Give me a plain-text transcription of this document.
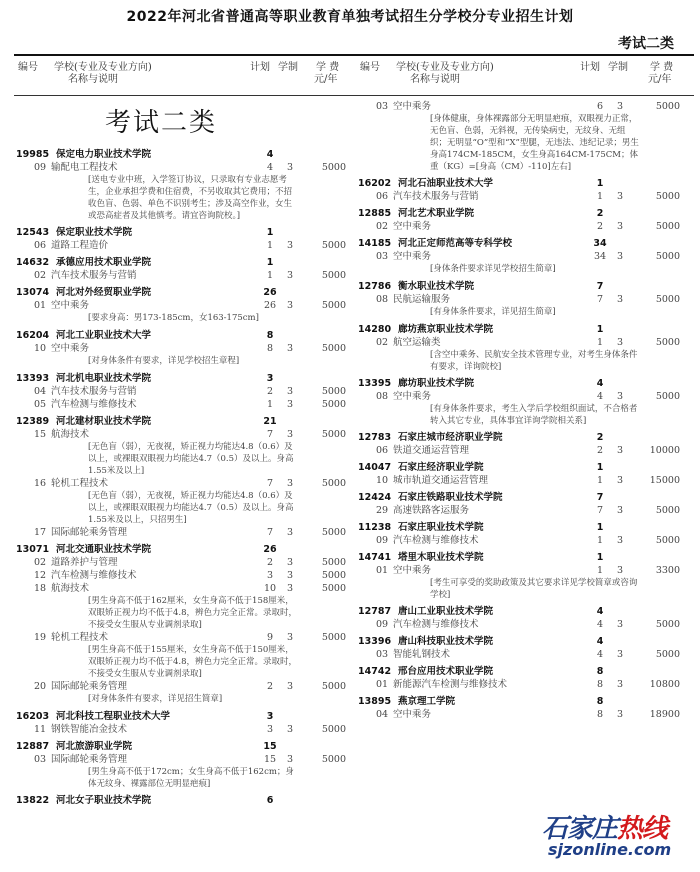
2022年河北省普通高等职业教育单独考试招生分学校分专业招生计划
考试二类
编号 学校(专业及专业方向)
名称与说明
计划 学制 学 费
元/年
考试二类
19985 保定电力职业技术学院	4
09 输配电工程技术	4	3	5000
[送电专业中班，入学签订协议，只录取有专业志愿考生，企业承担学费和住宿费，不另收取其它费用；不招收色盲、色弱、单色不识别考生；涉及高空作业，女生或恐高症者及其他慎考。请宜咨询院校。]
12543 保定职业技术学院	1
06 道路工程造价	1	3	5000
14632 承德应用技术职业学院	1
02 汽车技术服务与营销	1	3	5000
13074 河北对外经贸职业学院	26
01 空中乘务	26	3	5000
[要求身高：男173-185cm，女163-175cm]
16204 河北工业职业技术大学	8
10 空中乘务	8	3	5000
[对身体条件有要求，详见学校招生章程]
13393 河北机电职业技术学院	3
04 汽车技术服务与营销	2	3	5000
05 汽车检测与维修技术	1	3	5000
12389 河北建材职业技术学院	21
15 航海技术	7	3	5000
[无色盲（弱），无夜视，矫正视力均能达4.8（0.6）及以上，或裸眼双眼视力均能达4.7（0.5）及以上。身高1.55米及以上]
16 轮机工程技术	7	3	5000
[无色盲（弱），无夜视，矫正视力均能达4.8（0.6）及以上，或裸眼双眼视力均能达4.7（0.5）及以上。身高1.55米及以上，只招男生]
17 国际邮轮乘务管理	7	3	5000
13071 河北交通职业技术学院	26
02 道路养护与管理	2	3	5000
12 汽车检测与维修技术	3	3	5000
18 航海技术	10	3	5000
[男生身高不低于162厘米，女生身高不低于158厘米，双眼矫正视力均不低于4.8，辨色力完全正常。录取时，不接受女生服从专业调剂录取]
19 轮机工程技术	9	3	5000
[男生身高不低于155厘米，女生身高不低于150厘米，双眼矫正视力均不低于4.8，辨色力完全正常。录取时，不接受女生服从专业调剂录取]
20 国际邮轮乘务管理	2	3	5000
[对身体条件有要求，详见招生简章]
16203 河北科技工程职业技术大学	3
11 钢铁智能冶金技术	3	3	5000
12887 河北旅游职业学院	15
03 国际邮轮乘务管理	15	3	5000
[男生身高不低于172cm；女生身高不低于162cm；身体无纹身、裸露部位无明显疤痕]
13822 河北女子职业技术学院	6
编号 学校(专业及专业方向)
名称与说明
计划 学制 学 费
元/年
03 空中乘务	6	3	5000
[身体健康，身体裸露部分无明显疤痕，双眼视力正常，无色盲、色弱，无斜视，无传染病史，无纹身、无组织；无明显“O”型和“X”型腿，无违法、违纪记录；男生身高174CM-185CM，女生身高164CM-175CM；体重（KG）=[身高（CM）-110]左右]
16202 河北石油职业技术大学	1
06 汽车技术服务与营销	1	3	5000
12885 河北艺术职业学院	2
02 空中乘务	2	3	5000
14185 河北正定师范高等专科学校	34
03 空中乘务	34	3	5000
[身体条件要求详见学校招生简章]
12786 衡水职业技术学院	7
08 民航运输服务	7	3	5000
[有身体条件要求，详见招生简章]
14280 廊坊燕京职业技术学院	1
02 航空运输类	1	3	5000
[含空中乘务、民航安全技术管理专业，对考生身体条件有要求，详询院校]
13395 廊坊职业技术学院	4
08 空中乘务	4	3	5000
[有身体条件要求，考生入学后学校组织面试，不合格者转入其它专业，具体事宜详询学院相关系]
12783 石家庄城市经济职业学院	2
06 铁道交通运营管理	2	3	10000
14047 石家庄经济职业学院	1
10 城市轨道交通运营管理	1	3	15000
12424 石家庄铁路职业技术学院	7
29 高速铁路客运服务	7	3	5000
11238 石家庄职业技术学院	1
09 汽车检测与维修技术	1	3	5000
14741 塔里木职业技术学院	1
01 空中乘务	1	3	3300
[考生可享受的奖助政策及其它要求详见学校简章或咨询学校]
12787 唐山工业职业技术学院	4
09 汽车检测与维修技术	4	3	5000
13396 唐山科技职业技术学院	4
03 智能轧钢技术	4	3	5000
14742 邢台应用技术职业学院	8
01 新能源汽车检测与维修技术	8	3	10800
13895 燕京理工学院	8
04 空中乘务	8	3	18900
石家庄热线
sjzonline.com
